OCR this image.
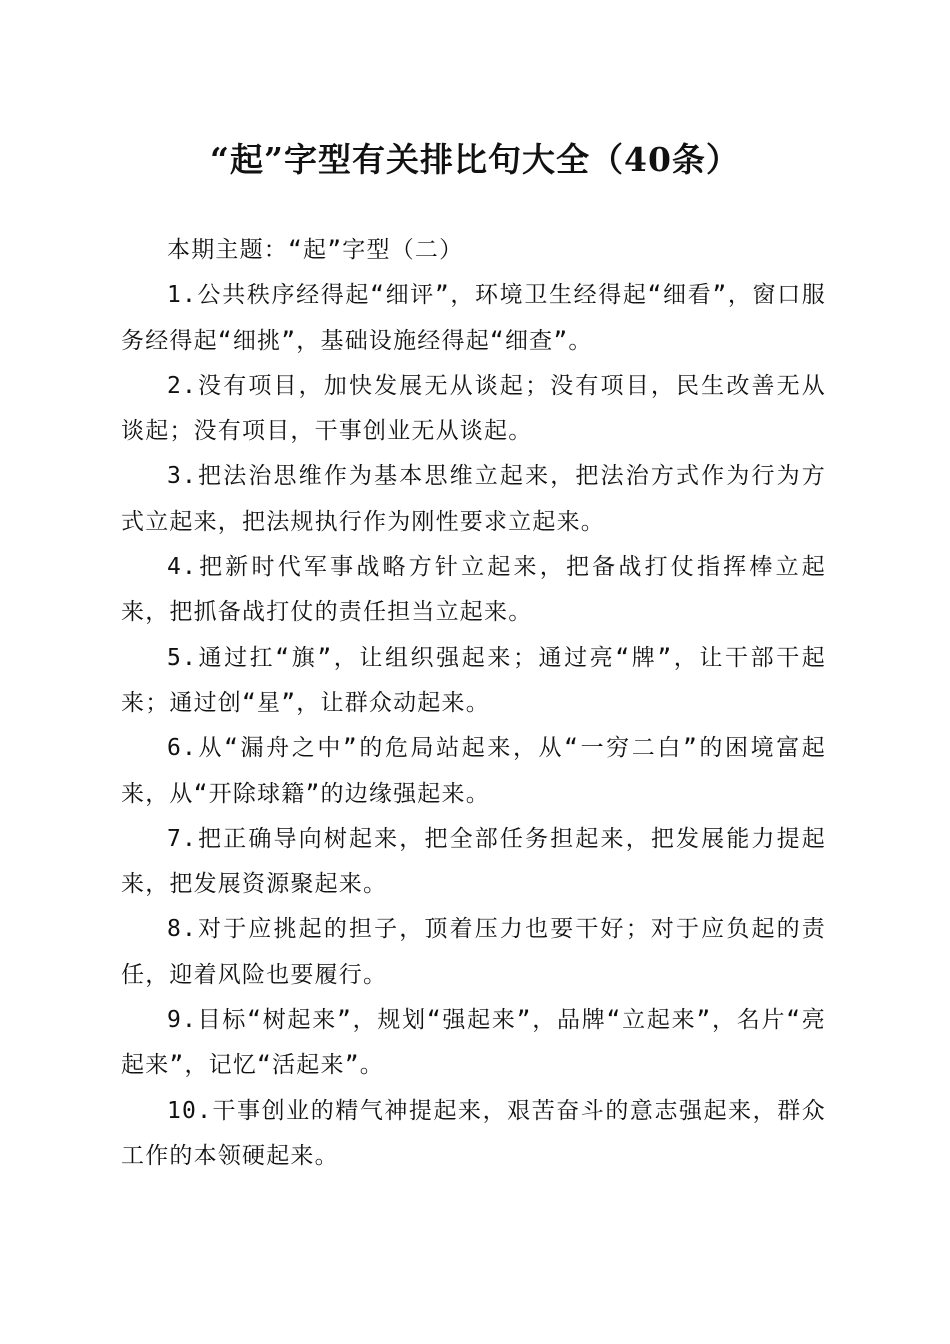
“起”字型有关排比句大全（40条）

本期主题：“起”字型（二）

1.公共秩序经得起“细评”，环境卫生经得起“细看”，窗口服务经得起“细挑”，基础设施经得起“细查”。

2.没有项目，加快发展无从谈起；没有项目，民生改善无从谈起；没有项目，干事创业无从谈起。

3.把法治思维作为基本思维立起来，把法治方式作为行为方式立起来，把法规执行作为刚性要求立起来。

4.把新时代军事战略方针立起来，把备战打仗指挥棒立起来，把抓备战打仗的责任担当立起来。

5.通过扛“旗”，让组织强起来；通过亮“牌”，让干部干起来；通过创“星”，让群众动起来。

6.从“漏舟之中”的危局站起来，从“一穷二白”的困境富起来，从“开除球籍”的边缘强起来。

7.把正确导向树起来，把全部任务担起来，把发展能力提起来，把发展资源聚起来。

8.对于应挑起的担子，顶着压力也要干好；对于应负起的责任，迎着风险也要履行。

9.目标“树起来”，规划“强起来”，品牌“立起来”，名片“亮起来”，记忆“活起来”。

10.干事创业的精气神提起来，艰苦奋斗的意志强起来，群众工作的本领硬起来。
